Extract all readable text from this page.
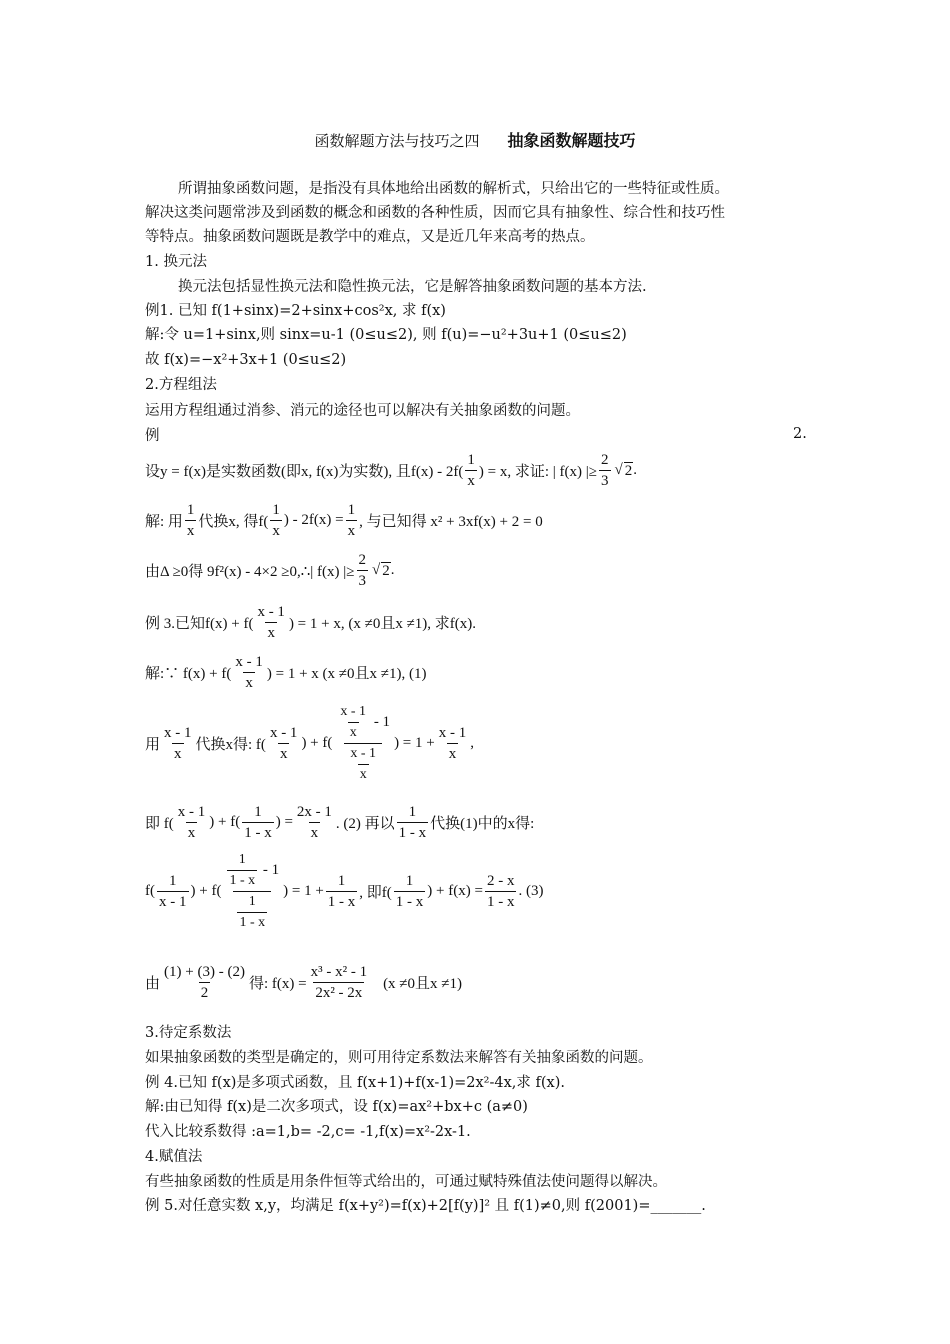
函数解题方法与技巧之四 抽象函数解题技巧
所谓抽象函数问题，是指没有具体地给出函数的解析式，只给出它的一些特征或性质。
解决这类问题常涉及到函数的概念和函数的各种性质，因而它具有抽象性、综合性和技巧性
等特点。抽象函数问题既是教学中的难点，又是近几年来高考的热点。
1. 换元法
换元法包括显性换元法和隐性换元法，它是解答抽象函数问题的基本方法.
例1. 已知 f(1+sinx)=2+sinx+cos²x, 求 f(x)
解:令 u=1+sinx,则 sinx=u-1 (0≤u≤2), 则 f(u)=−u²+3u+1 (0≤u≤2)
故 f(x)=−x²+3x+1 (0≤u≤2)
2.方程组法
运用方程组通过消参、消元的途径也可以解决有关抽象函数的问题。
例	2.
设y = f(x)是实数函数(即x, f(x)为实数), 且$f(x) - 2f( \frac{1}{x}$ ) = x, 求证: | f(x) |≥ $\frac{2}{3}$ √ 2 .
解: 用 $\frac{1}{x}$ 代换x, 得$f( \frac{1}{x}$ ) - $2f(x) = \frac{1}{x}$ , 与已知得 x² + 3xf(x) + 2 = 0
由Δ ≥0得 9f²(x) - 4×2 ≥0,∴| f(x) |≥ $\frac{2}{3}$ √ 2 .
例 3.已知$f(x) + f( \frac{x - 1}{x}$ ) = 1 + x, (x ≠0且x ≠1), 求f(x).
解:∵ $f(x) + f( \frac{x - 1}{x}$ ) = 1 + x (x ≠0且x ≠1), (1)
用 $\frac{x - 1}{x}$ 代换x得: $f( \frac{x - 1}{x}$ ) + $f( \frac{\frac{x - 1}{x} - 1}{\frac{x - 1}{x}}$ ) = $1 + \frac{x - 1}{x}$ ,
即 $f( \frac{x - 1}{x}$ ) + $f( \frac{1}{1 - x}$ ) = $\frac{2x - 1}{x}$ . (2) 再以 $\frac{1}{1 - x}$ 代换(1)中的x得:
$f( \frac{1}{x - 1}$ ) + $f( \frac{\frac{1}{1 - x} - 1}{\frac{1}{1 - x}}$ ) = $1 + \frac{1}{1 - x}$ , 即$f( \frac{1}{1 - x}$ ) + $f(x) = \frac{2 - x}{1 - x}$ . (3)
由 $\frac{(1) + (3) - (2)}{2}$ 得: $f(x) = \frac{\text{x³ - x² - 1}}{\text{2x² - 2x}} (x \ne 0$且x ≠1)
3.待定系数法
如果抽象函数的类型是确定的，则可用待定系数法来解答有关抽象函数的问题。
例 4.已知 f(x)是多项式函数，且 f(x+1)+f(x-1)=2x²-4x,求 f(x).
解:由已知得 f(x)是二次多项式，设 f(x)=ax²+bx+c (a≠0)
代入比较系数得 :a=1,b= -2,c= -1,f(x)=x²-2x-1.
4.赋值法
有些抽象函数的性质是用条件恒等式给出的，可通过赋特殊值法使问题得以解决。
例 5.对任意实数 x,y，均满足 f(x+y²)=f(x)+2[f(y)]² 且 f(1)≠0,则 f(2001)=_______.
